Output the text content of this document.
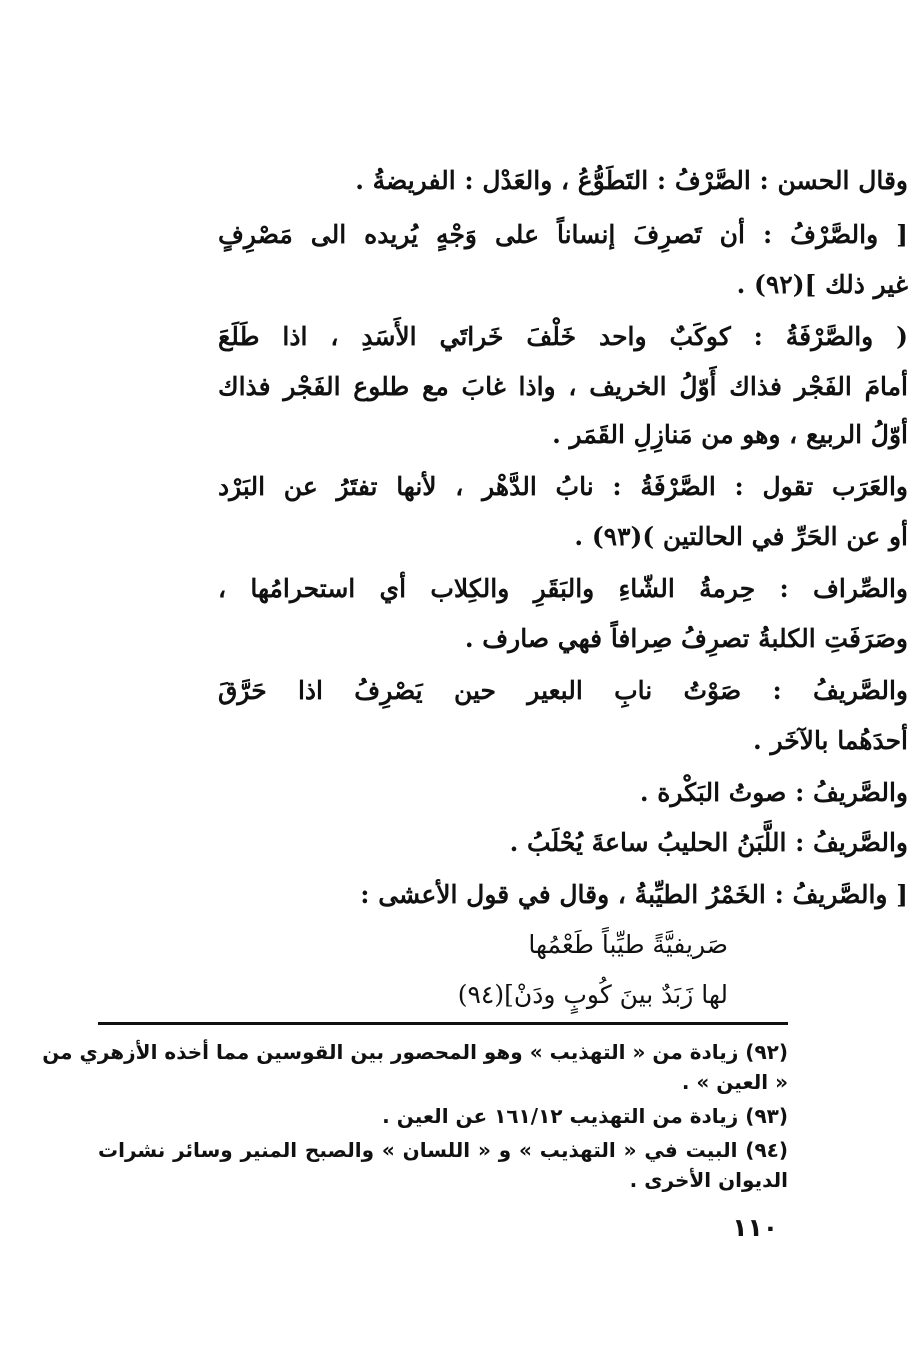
وقال الحسن : الصَّرْفُ : التَطَوُّعُ ، والعَدْل : الفريضةُ .
[ والصَّرْفُ : أن تَصرِفَ إنساناً على وَجْهٍ يُريده الى مَصْرِفٍ
غير ذلك ](٩٢) .
( والصَّرْفَةُ : كوكَبٌ واحد خَلْفَ خَراتَي الأَسَدِ ، اذا طَلَعَ
أمامَ الفَجْر فذاك أَوّلُ الخريف ، واذا غابَ مع طلوع الفَجْر فذاك
أوّلُ الربيع ، وهو من مَنازِلِ القَمَر .
والعَرَب تقول : الصَّرْفَةُ : نابُ الدَّهْر ، لأنها تفتَرُ عن البَرْد
أو عن الحَرِّ في الحالتين )(٩٣) .
والصِّراف : حِرمةُ الشّاءِ والبَقَرِ والكِلاب أي استحرامُها ،
وصَرَفَتِ الكلبةُ تصرِفُ صِرافاً فهي صارف .
والصَّريفُ : صَوْتُ نابِ البعير حين يَصْرِفُ اذا حَرَّقَ
أحدَهُما بالآخَر .
والصَّريفُ : صوتُ البَكْرة .
والصَّريفُ : اللَّبَنُ الحليبُ ساعةَ يُحْلَبُ .
[ والصَّريفُ : الخَمْرُ الطيِّبةُ ، وقال في قول الأعشى :
صَريفيَّةً طيِّباً طَعْمُها
لها زَبَدٌ بينَ كُوبٍ ودَنْ](٩٤)
(٩٢) زيادة من « التهذيب » وهو المحصور بين القوسين مما أخذه الأزهري من
« العين » .
(٩٣) زيادة من التهذيب ١٦١/١٢ عن العين .
(٩٤) البيت في « التهذيب » و « اللسان » والصبح المنير وسائر نشرات
الديوان الأخرى .
١١٠
